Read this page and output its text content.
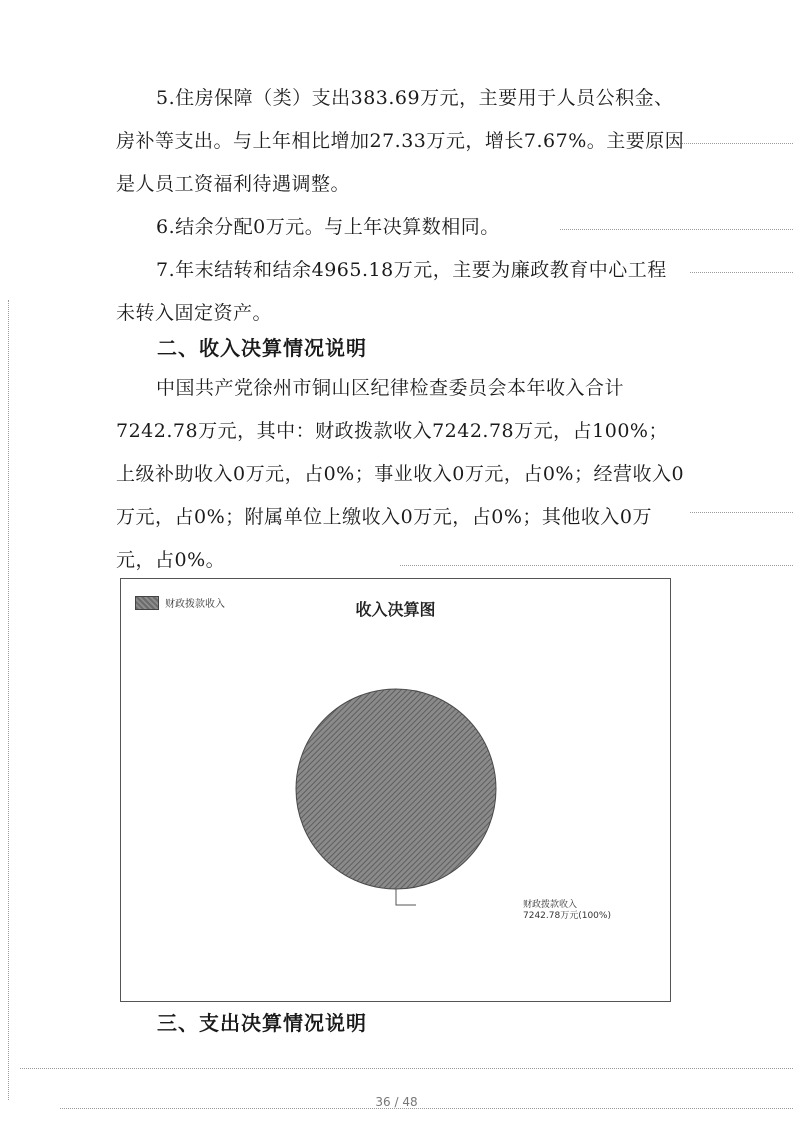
5.住房保障（类）支出383.69万元，主要用于人员公积金、房补等支出。与上年相比增加27.33万元，增长7.67%。主要原因是人员工资福利待遇调整。

6.结余分配0万元。与上年决算数相同。

7.年末结转和结余4965.18万元，主要为廉政教育中心工程未转入固定资产。

二、收入决算情况说明

中国共产党徐州市铜山区纪律检查委员会本年收入合计7242.78万元，其中：财政拨款收入7242.78万元，占100%；上级补助收入0万元，占0%；事业收入0万元，占0%；经营收入0万元，占0%；附属单位上缴收入0万元，占0%；其他收入0万元，占0%。

财政拨款收入	收入决算图
财政拨款收入
7242.78万元(100%)
三、支出决算情况说明
36 / 48
